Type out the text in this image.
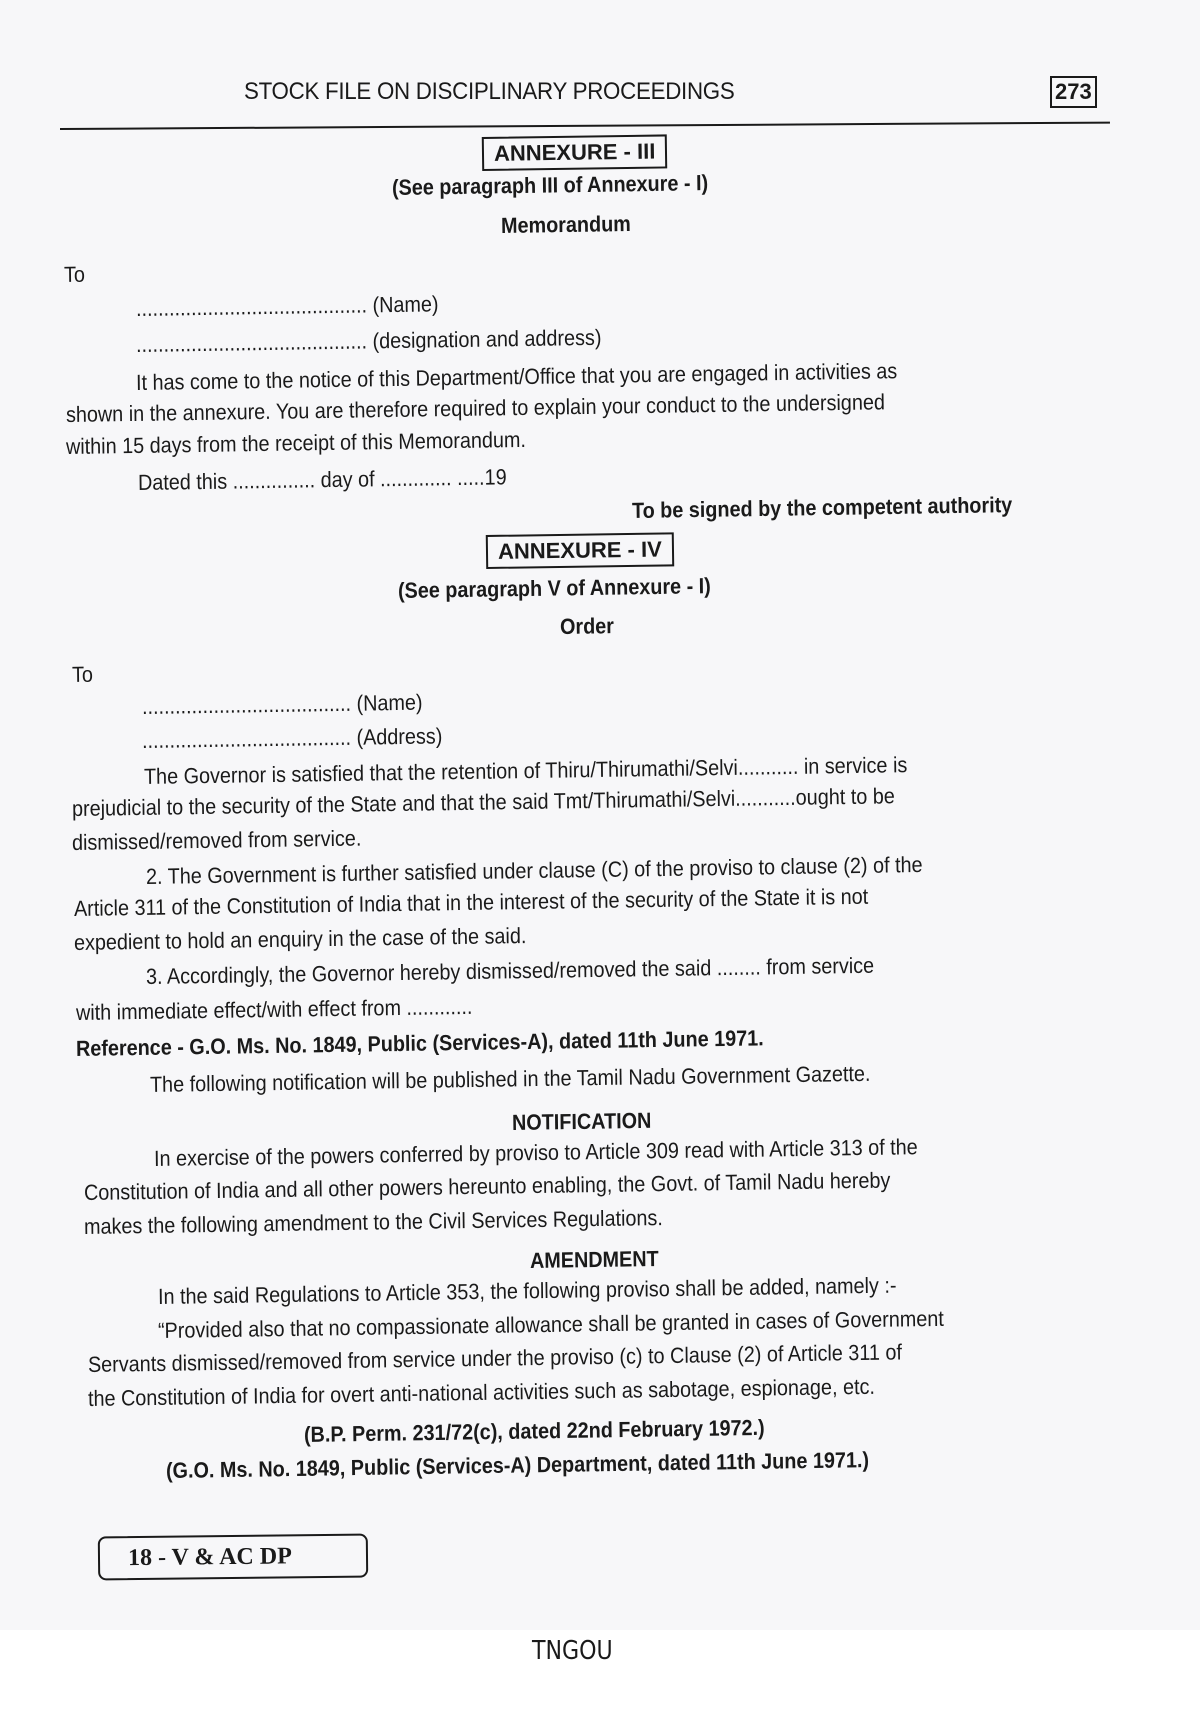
STOCK FILE ON DISCIPLINARY PROCEEDINGS	273
ANNEXURE - III
(See paragraph III of Annexure - I)
Memorandum
To
.......................................... (Name)
.......................................... (designation and address)
It has come to the notice of this Department/Office that you are engaged in activities as
shown in the annexure. You are therefore required to explain your conduct to the undersigned
within 15 days from the receipt of this Memorandum.
Dated this ............... day of ............. .....19
To be signed by the competent authority
ANNEXURE - IV
(See paragraph V of Annexure - I)
Order
To
...................................... (Name)
...................................... (Address)
The Governor is satisfied that the retention of Thiru/Thirumathi/Selvi........... in service is
prejudicial to the security of the State and that the said Tmt/Thirumathi/Selvi...........ought to be
dismissed/removed from service.
2. The Government is further satisfied under clause (C) of the proviso to clause (2) of the
Article 311 of the Constitution of India that in the interest of the security of the State it is not
expedient to hold an enquiry in the case of the said.
3. Accordingly, the Governor hereby dismissed/removed the said ........ from service
with immediate effect/with effect from ............
Reference - G.O. Ms. No. 1849, Public (Services-A), dated 11th June 1971.
The following notification will be published in the Tamil Nadu Government Gazette.
NOTIFICATION
In exercise of the powers conferred by proviso to Article 309 read with Article 313 of the
Constitution of India and all other powers hereunto enabling, the Govt. of Tamil Nadu hereby
makes the following amendment to the Civil Services Regulations.
AMENDMENT
In the said Regulations to Article 353, the following proviso shall be added, namely :-
“Provided also that no compassionate allowance shall be granted in cases of Government
Servants dismissed/removed from service under the proviso (c) to Clause (2) of Article 311 of
the Constitution of India for overt anti-national activities such as sabotage, espionage, etc.
(B.P. Perm. 231/72(c), dated 22nd February 1972.)
(G.O. Ms. No. 1849, Public (Services-A) Department, dated 11th June 1971.)
18 - V & AC DP
TNGOU
